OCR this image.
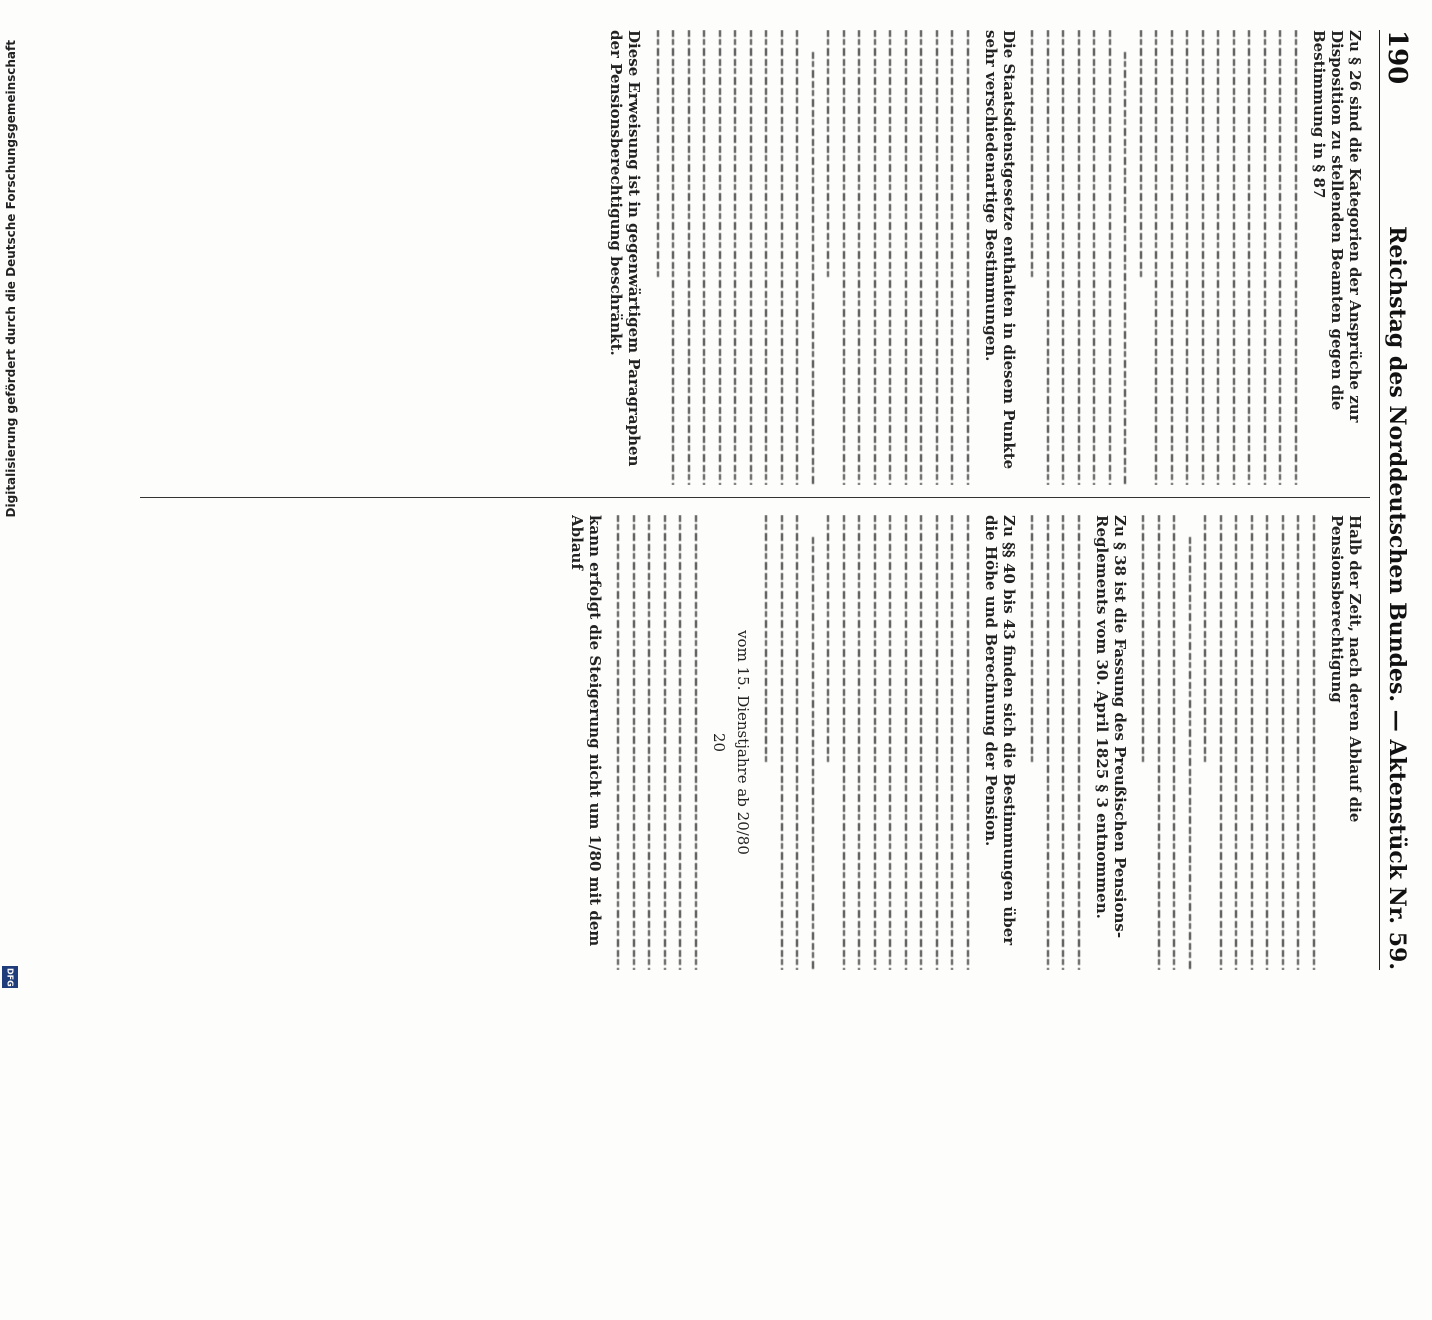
190
Reichstag des Norddeutschen Bundes. — Aktenstück Nr. 59.
Zu § 26 sind die Kategorien der Ansprüche zur Disposition zu stellenden Beamten gegen die Bestimmung in § 87
Die Staatsdienstgesetze enthalten in diesem Punkte sehr verschiedenartige Bestimmungen.
Diese Erweisung ist in gegenwärtigem Paragraphen der Pensionsberechtigung beschränkt.
Halb der Zeit, nach deren Ablauf die Pensionsberechtigung
Zu § 38 ist die Fassung des Preußischen Pensions-Reglements vom 30. April 1825 § 3 entnommen.
Zu §§ 40 bis 43 finden sich die Bestimmungen über die Höhe und Berechnung der Pension.
vom 15. Dienstjahre ab 20/80
20
kann erfolgt die Steigerung nicht um 1/80 mit dem Ablauf
Digitalisierung gefördert durch die Deutsche Forschungsgemeinschaft
DFG
